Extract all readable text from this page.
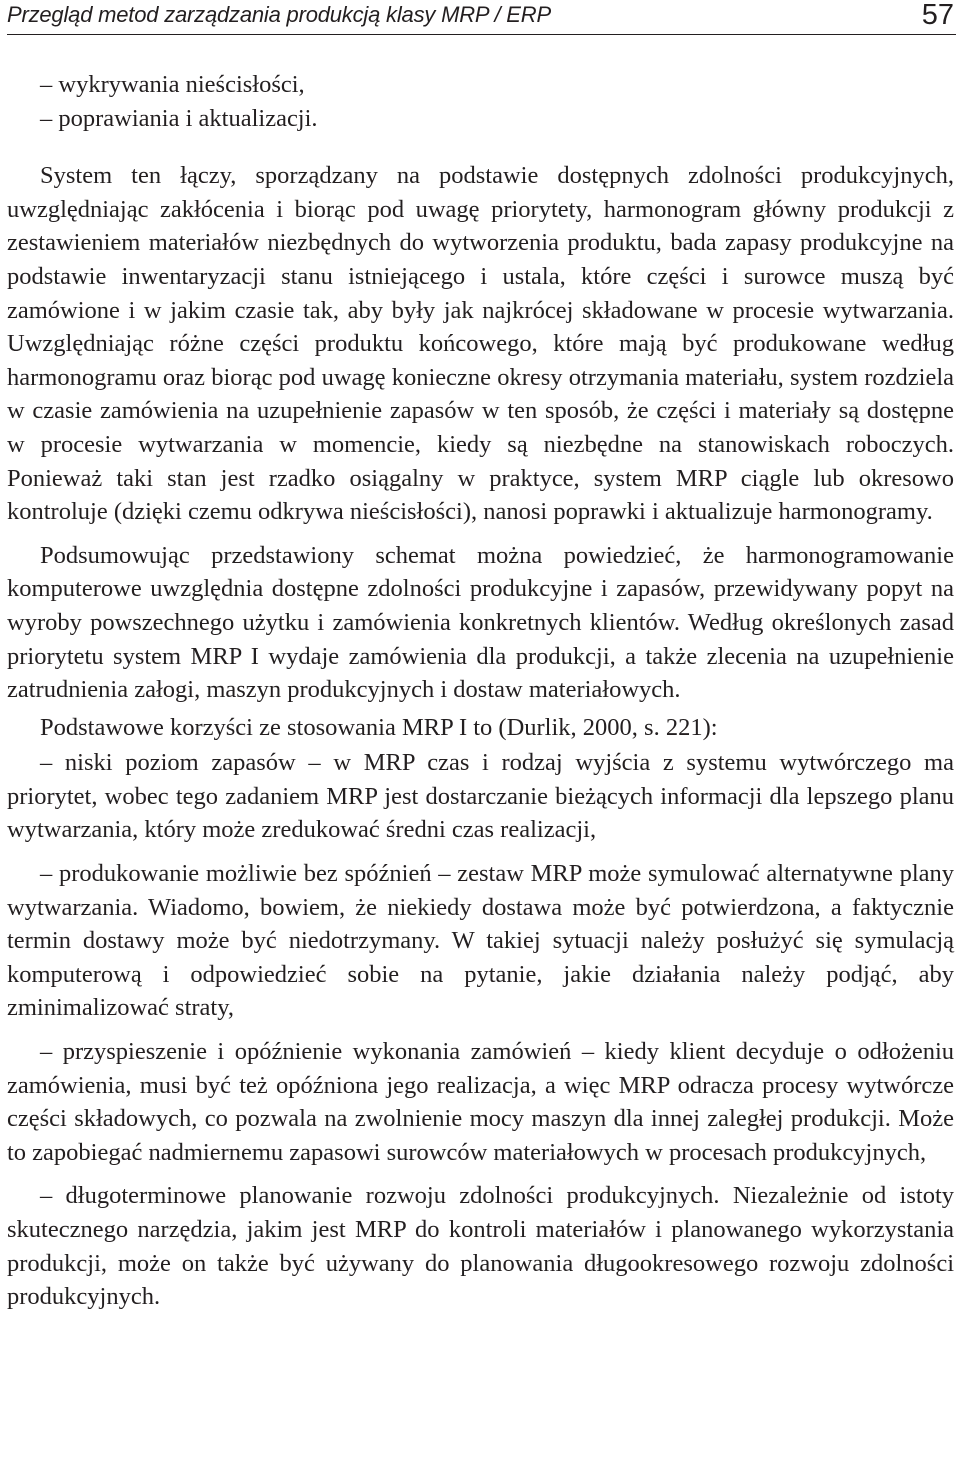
Przegląd metod zarządzania produkcją klasy MRP / ERP	57
– wykrywania nieścisłości,
– poprawiania i aktualizacji.

System ten łączy, sporządzany na podstawie dostępnych zdolności produkcyjnych, uwzględniając zakłócenia i biorąc pod uwagę priorytety, harmonogram główny produkcji z zestawieniem materiałów niezbędnych do wytworzenia produktu, bada zapasy produkcyjne na podstawie inwentaryzacji stanu istniejącego i ustala, które części i surowce muszą być zamówione i w jakim czasie tak, aby były jak najkrócej składowane w procesie wytwarzania. Uwzględniając różne części produktu końcowego, które mają być produkowane według harmonogramu oraz biorąc pod uwagę konieczne okresy otrzymania materiału, system rozdziela w czasie zamówienia na uzupełnienie zapasów w ten sposób, że części i materiały są dostępne w procesie wytwarzania w momencie, kiedy są niezbędne na stanowiskach roboczych. Ponieważ taki stan jest rzadko osiągalny w praktyce, system MRP ciągle lub okresowo kontroluje (dzięki czemu odkrywa nieścisłości), nanosi poprawki i aktualizuje harmonogramy.

Podsumowując przedstawiony schemat można powiedzieć, że harmonogramowanie komputerowe uwzględnia dostępne zdolności produkcyjne i zapasów, przewidywany popyt na wyroby powszechnego użytku i zamówienia konkretnych klientów. Według określonych zasad priorytetu system MRP I wydaje zamówienia dla produkcji, a także zlecenia na uzupełnienie zatrudnienia załogi, maszyn produkcyjnych i dostaw materiałowych.

Podstawowe korzyści ze stosowania MRP I to (Durlik, 2000, s. 221):

– niski poziom zapasów – w MRP czas i rodzaj wyjścia z systemu wytwórczego ma priorytet, wobec tego zadaniem MRP jest dostarczanie bieżących informacji dla lepszego planu wytwarzania, który może zredukować średni czas realizacji,

– produkowanie możliwie bez spóźnień – zestaw MRP może symulować alternatywne plany wytwarzania. Wiadomo, bowiem, że niekiedy dostawa może być potwierdzona, a faktycznie termin dostawy może być niedotrzymany. W takiej sytuacji należy posłużyć się symulacją komputerową i odpowiedzieć sobie na pytanie, jakie działania należy podjąć, aby zminimalizować straty,

– przyspieszenie i opóźnienie wykonania zamówień – kiedy klient decyduje o odłożeniu zamówienia, musi być też opóźniona jego realizacja, a więc MRP odracza procesy wytwórcze części składowych, co pozwala na zwolnienie mocy maszyn dla innej zaległej produkcji. Może to zapobiegać nadmiernemu zapasowi surowców materiałowych w procesach produkcyjnych,

– długoterminowe planowanie rozwoju zdolności produkcyjnych. Niezależnie od istoty skutecznego narzędzia, jakim jest MRP do kontroli materiałów i planowanego wykorzystania produkcji, może on także być używany do planowania długookresowego rozwoju zdolności produkcyjnych.
